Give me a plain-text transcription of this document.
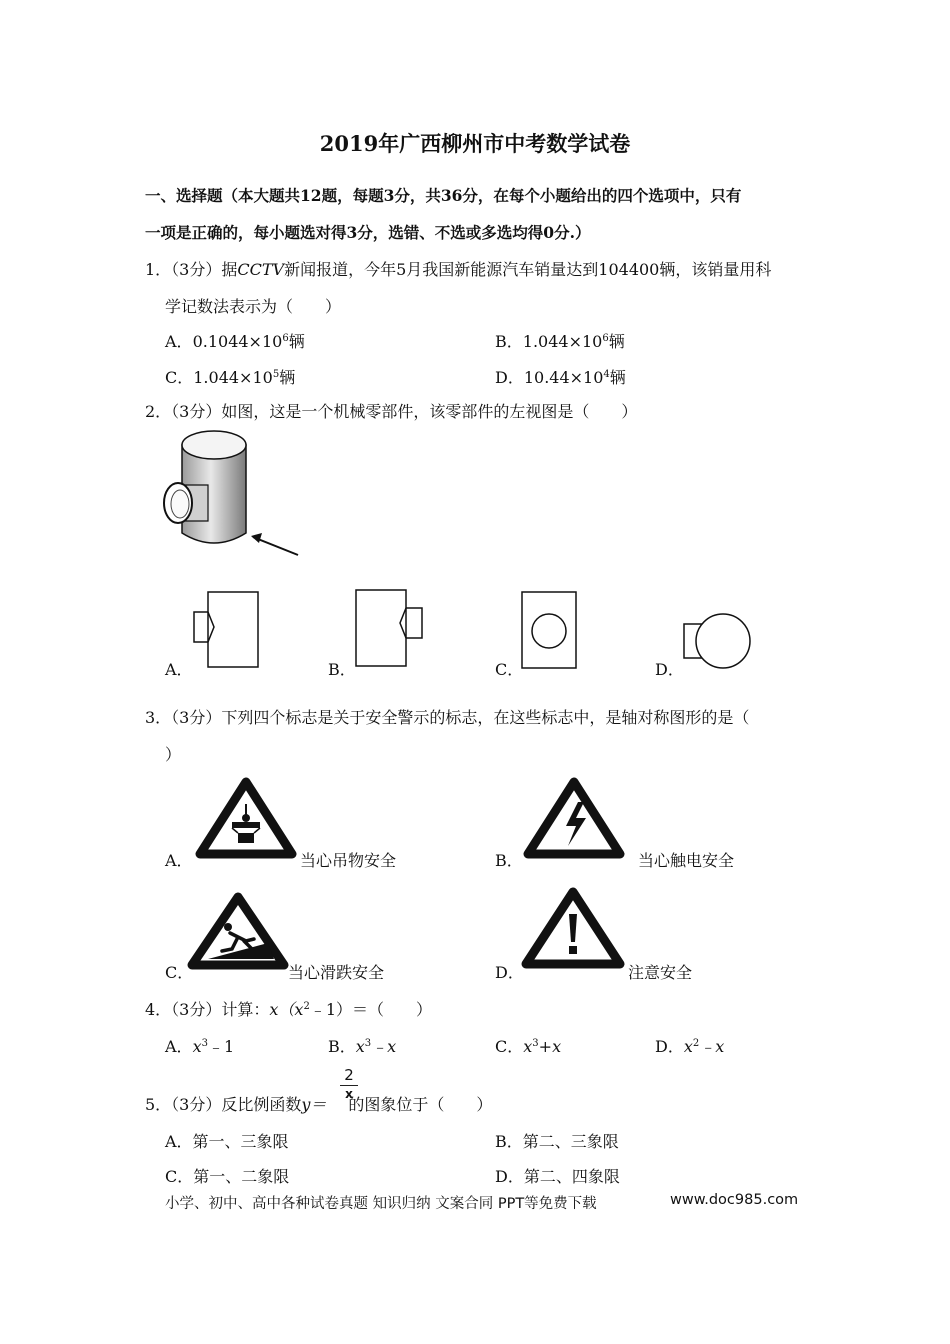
2019年广西柳州市中考数学试卷
一、选择题（本大题共12题，每题3分，共36分，在每个小题给出的四个选项中，只有
一项是正确的，每小题选对得3分，选错、不选或多选均得0分.）
1．（3分）据CCTV新闻报道，今年5月我国新能源汽车销量达到104400辆，该销量用科
学记数法表示为（　　）
A．$0.1044\times 10^6$辆	B．$1.044\times 10^6$辆
C．$1.044\times 10^5$辆	D．$10.44\times 10^4$辆
2．（3分）如图，这是一个机械零部件，该零部件的左视图是（　　）
A．	B．	C．	D．
3．（3分）下列四个标志是关于安全警示的标志，在这些标志中，是轴对称图形的是（
）
A．	当心吊物安全	B．	当心触电安全
C．	当心滑跌安全	D．	注意安全
4．（3分）计算：$x(x^2﹣1)=$（　　）
A．$x^3﹣1$	B．$x^3﹣x$	C．$x^3+x$	D．$x^2﹣x$
5．（3分）反比例函数y＝ 的图象位于（　　）
2
x
A．第一、三象限	B．第二、三象限
C．第一、二象限	D．第二、四象限
小学、初中、高中各种试卷真题 知识归纳 文案合同 PPT等免费下载	www.doc985.com
